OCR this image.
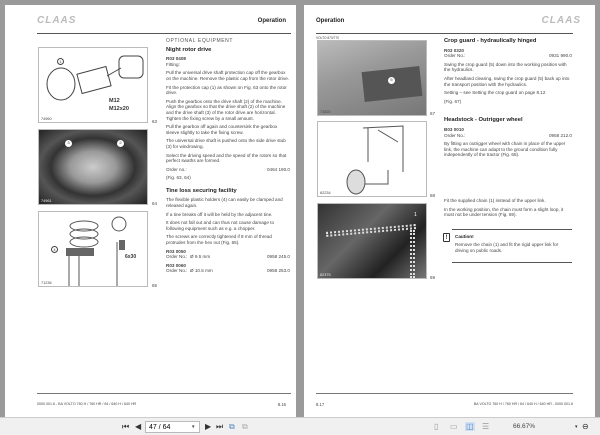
CLAAS	Operation
1
M12
M12x20
74960	63
3	2
74961	64
4
6x30
71236	65

OPTIONAL EQUIPMENT

Night rotor drive

R03 0408

Fitting:

Pull the universal drive shaft protection cap off the gearbox on the machine. Remove the plastic cap from the rotor drive.

Fit the protection cap (1) as shown on Fig. 63 onto the rotor drive.

Push the gearbox onto the drive shaft (2) of the machine. Align the gearbox so that the drive shaft (2) of the machine and the drive shaft (3) of the rotor drive are horizontal. Tighten the fixing screw by a small amount.

Pull the gearbox off again and countersink the gearbox sleeve slightly to take the fixing screw.

The universal drive shaft is pushed onto the side drive stub (3) for windrowing.

Select the driving speed and the speed of the rotors so that perfect swaths are formed.

Order no.:	0464 190.0

(Fig. 63, 64)

Tine loss securing facility

The flexible plastic holders (4) can easily be clamped and released again.

If a tine breaks off it will be held by the adjacent tine.

It does not fall out and can thus not cause damage to following equipment such as e.g. a chopper.

The screws are correctly tightened if 8 mm of thread protrudes from the hex nut (Fig. 65).

R03 0050

Order No.: Ø 9.5 mm	0958 245.0

R03 0060

Order No.: Ø 10.5 mm	0958 253.0

0000 001.6 - BA VOLTO 760 H / 760 HR / 64 / 640 H / 640 HR	8.16
Operation	CLAAS
VOLTO 870/770
5
71520	67
62234	68
1
62375	69

Crop guard - hydraulically hinged

R03 0320

Order No.:	0931 990.0

Swing the crop guard (5) down into the working position with the hydraulics.

After headland clearing, swing the crop guard (5) back up into the transport position with the hydraulics.

Setting – see Setting the crop guard on page 8.12

(Fig. 67)

Headstock - Outrigger wheel

B03 0010

Order No.:	0958 212.0

By fitting an outrigger wheel with chain in place of the upper link, the machine can adapt to the ground condition fully independently of the tractor (Fig. 68).

Fit the supplied chain (1) instead of the upper link.

In the working position, the chain must form a slight loop, it must not be under tension (Fig. 69).

!	Caution!
Remove the chain (1) and fit the rigid upper link for driving on public roads.
8.17	BA VOLTO 760 H / 760 HR / 64 / 640 H / 640 HR - 0000 001.6
⏮ ◀
47 / 64	▾ ▶ ⏭ ⧉ ⧉	▯ ▭ ◫ ☰	66.67%	▾ ⊖
